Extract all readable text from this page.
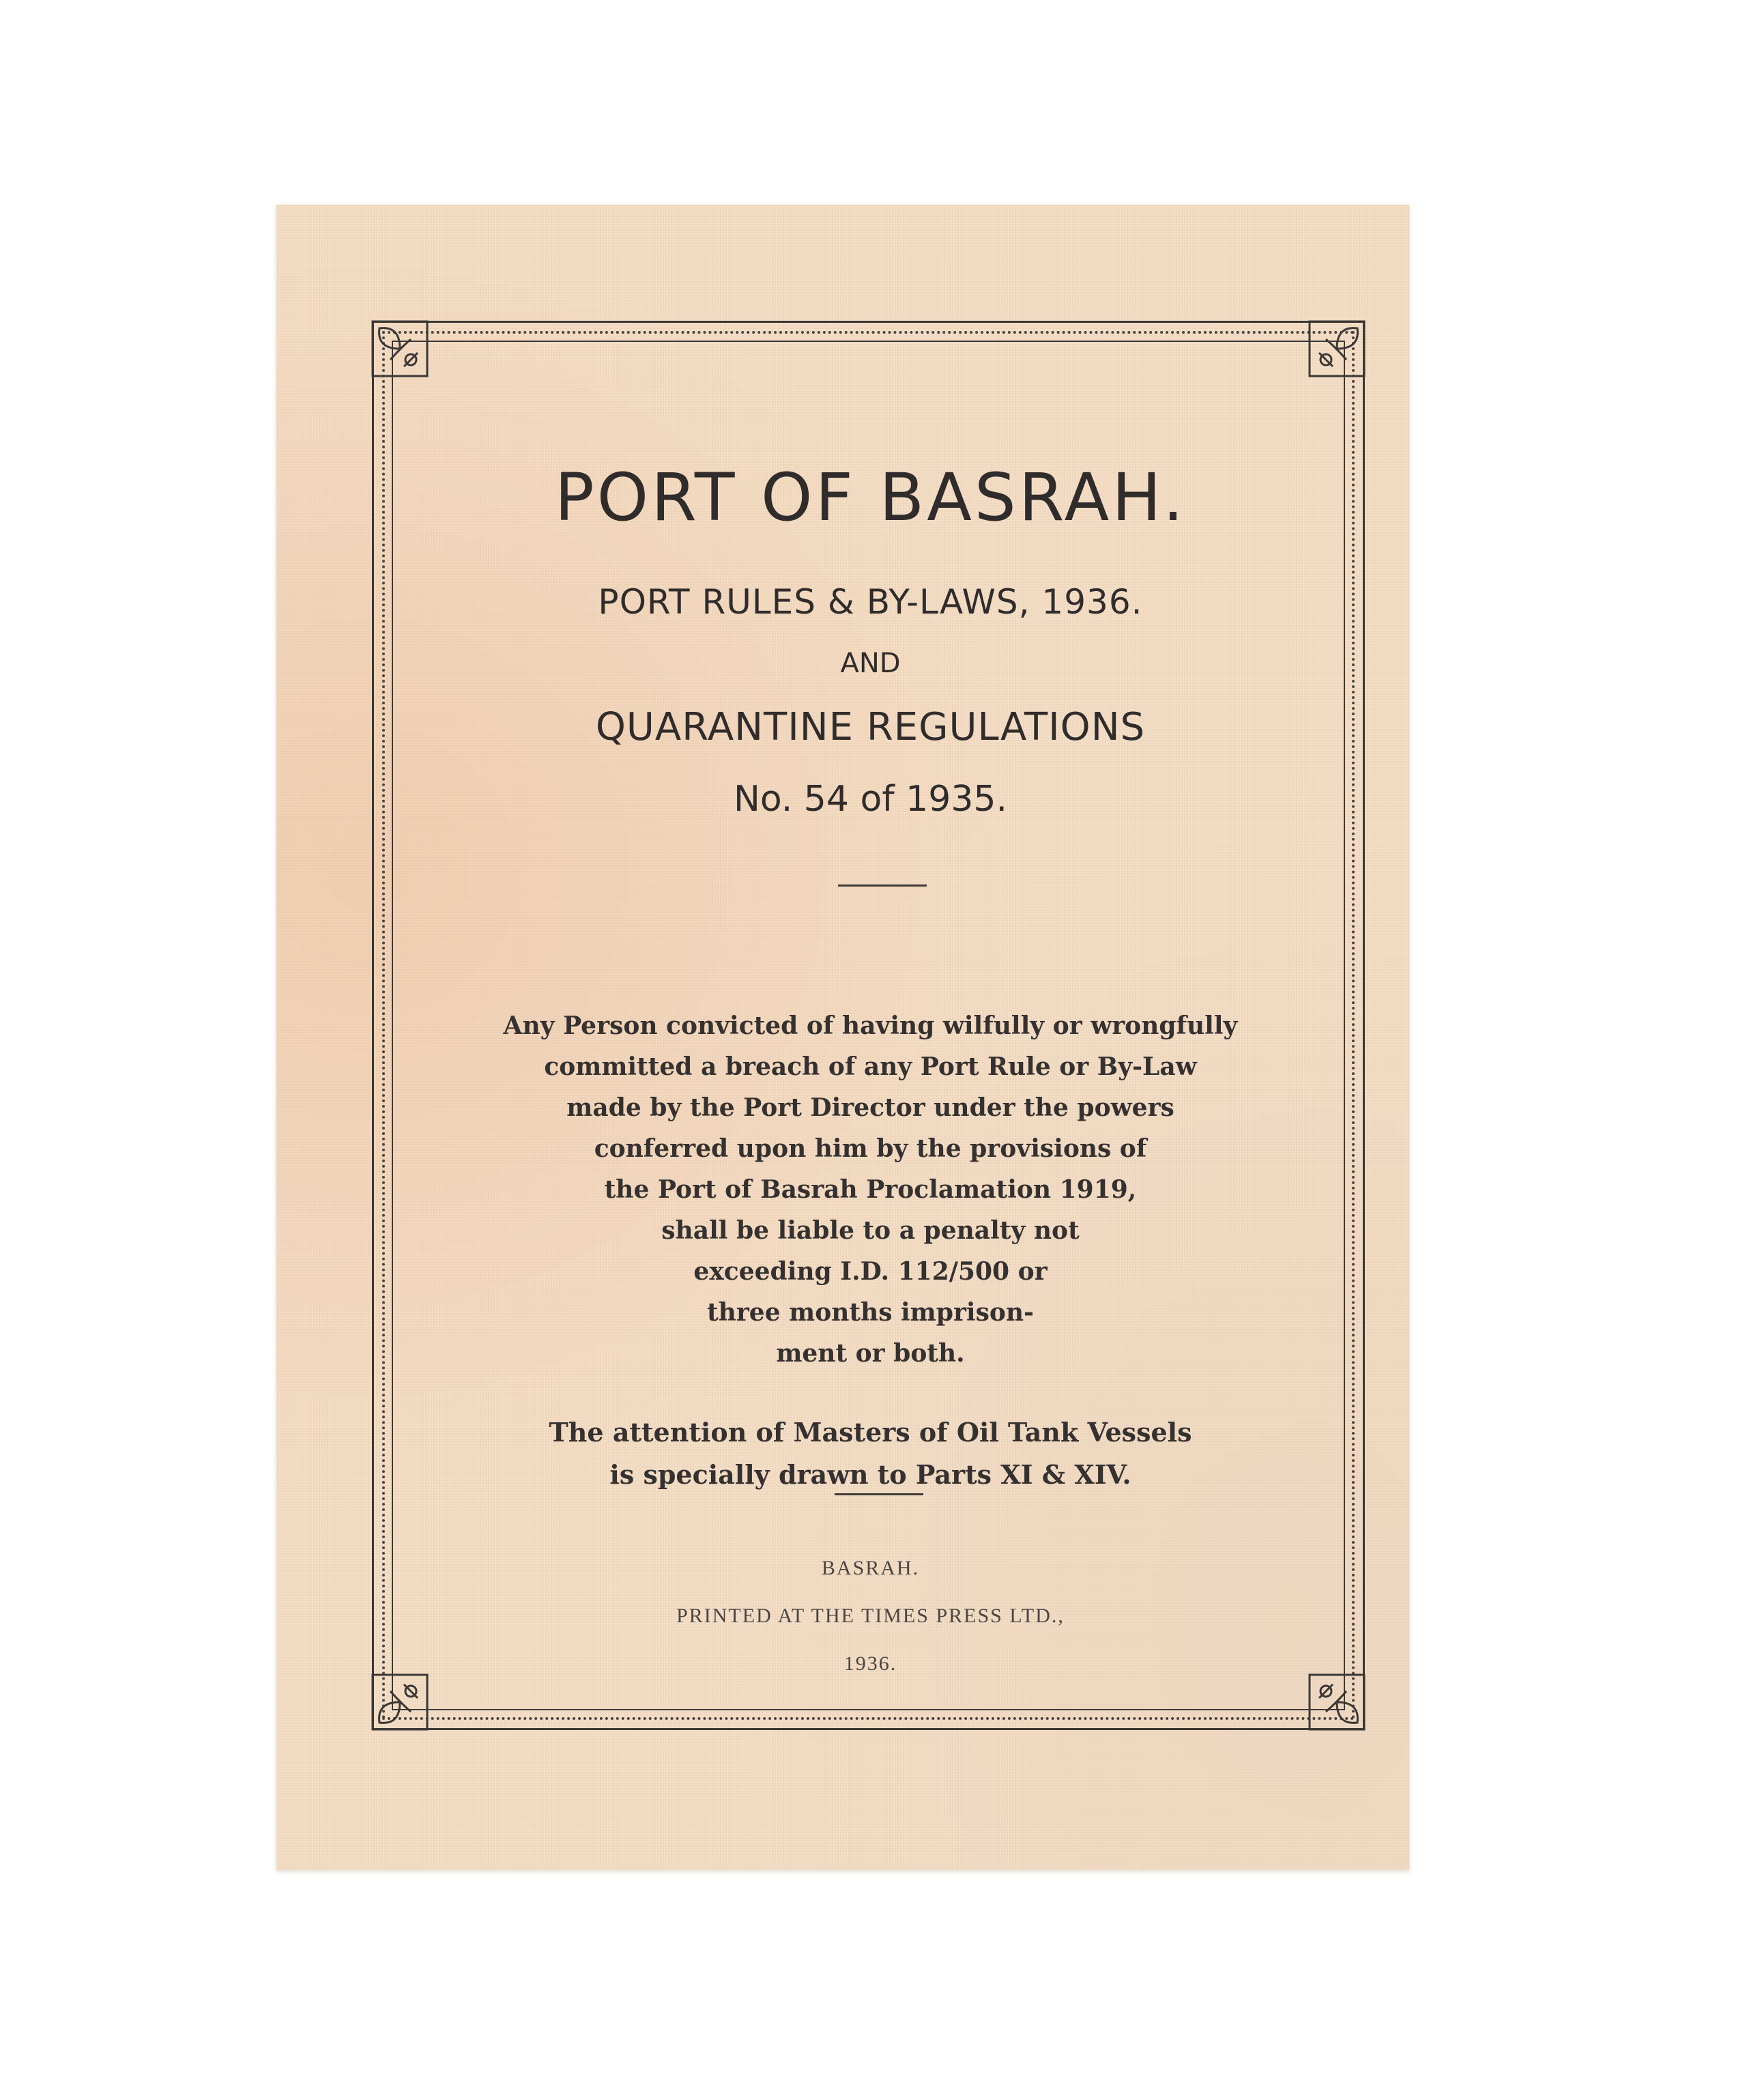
PORT OF BASRAH.
PORT RULES & BY-LAWS, 1936.
AND
QUARANTINE REGULATIONS
No. 54 of 1935.
Any Person convicted of having wilfully or wrongfully
committed a breach of any Port Rule or By-Law
made by the Port Director under the powers
conferred upon him by the provisions of
the Port of Basrah Proclamation 1919,
shall be liable to a penalty not
exceeding I.D. 112/500 or
three months imprison-
ment or both.
The attention of Masters of Oil Tank Vessels
is specially drawn to Parts XI & XIV.
BASRAH.
PRINTED AT THE TIMES PRESS LTD.,
1936.
